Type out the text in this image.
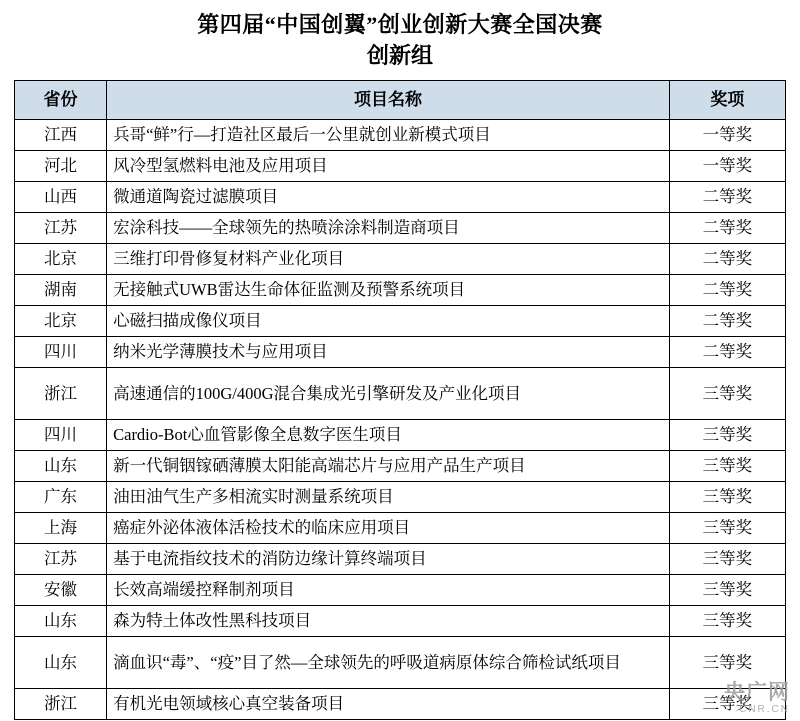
第四届“中国创翼”创业创新大赛全国决赛
创新组
省份	项目名称	奖项
江西	兵哥“鲜”行—打造社区最后一公里就创业新模式项目	一等奖
河北	风冷型氢燃料电池及应用项目	一等奖
山西	微通道陶瓷过滤膜项目	二等奖
江苏	宏涂科技——全球领先的热喷涂涂料制造商项目	二等奖
北京	三维打印骨修复材料产业化项目	二等奖
湖南	无接触式UWB雷达生命体征监测及预警系统项目	二等奖
北京	心磁扫描成像仪项目	二等奖
四川	纳米光学薄膜技术与应用项目	二等奖
浙江	高速通信的100G/400G混合集成光引擎研发及产业化项目	三等奖
四川	Cardio-Bot心血管影像全息数字医生项目	三等奖
山东	新一代铜铟镓硒薄膜太阳能高端芯片与应用产品生产项目	三等奖
广东	油田油气生产多相流实时测量系统项目	三等奖
上海	癌症外泌体液体活检技术的临床应用项目	三等奖
江苏	基于电流指纹技术的消防边缘计算终端项目	三等奖
安徽	长效高端缓控释制剂项目	三等奖
山东	森为特土体改性黑科技项目	三等奖
山东	滴血识“毒”、“疫”目了然—全球领先的呼吸道病原体综合筛检试纸项目	三等奖
浙江	有机光电领域核心真空装备项目	三等奖
央广网
CNR.CN
